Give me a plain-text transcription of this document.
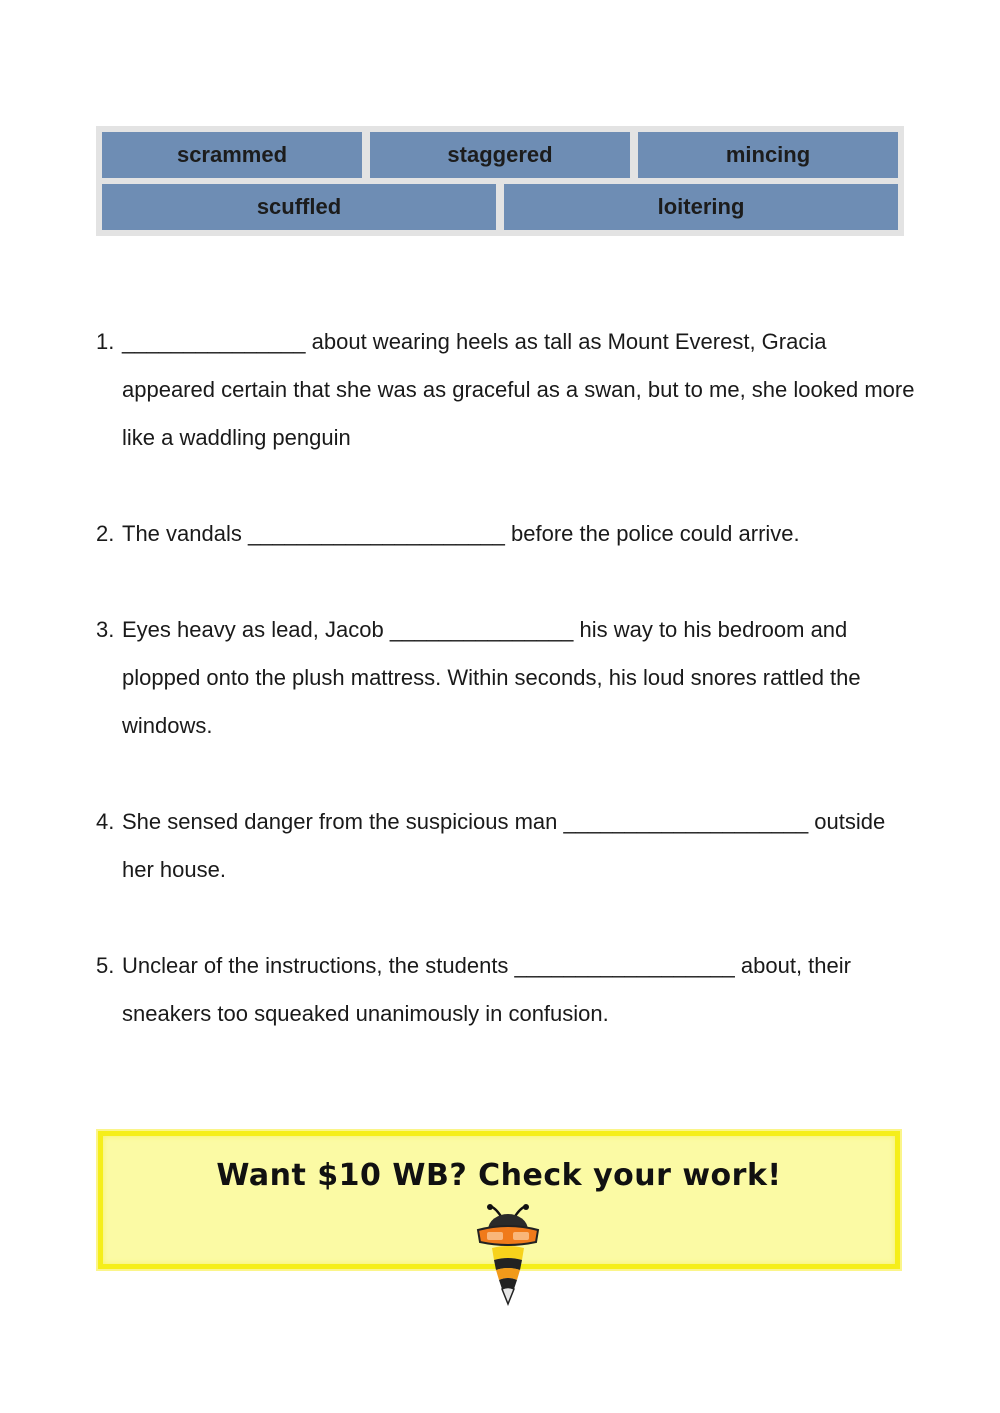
scrammed	staggered	mincing
scuffled	loitering
1. _______________ about wearing heels as tall as Mount Everest, Gracia appeared certain that she was as graceful as a swan, but to me, she looked more like a waddling penguin
2. The vandals _____________________ before the police could arrive.
3. Eyes heavy as lead, Jacob _______________ his way to his bedroom and plopped onto the plush mattress. Within seconds, his loud snores rattled the windows.
4. She sensed danger from the suspicious man ____________________ outside her house.
5. Unclear of the instructions, the students __________________ about, their sneakers too squeaked unanimously in confusion.
Want $10 WB? Check your work!
